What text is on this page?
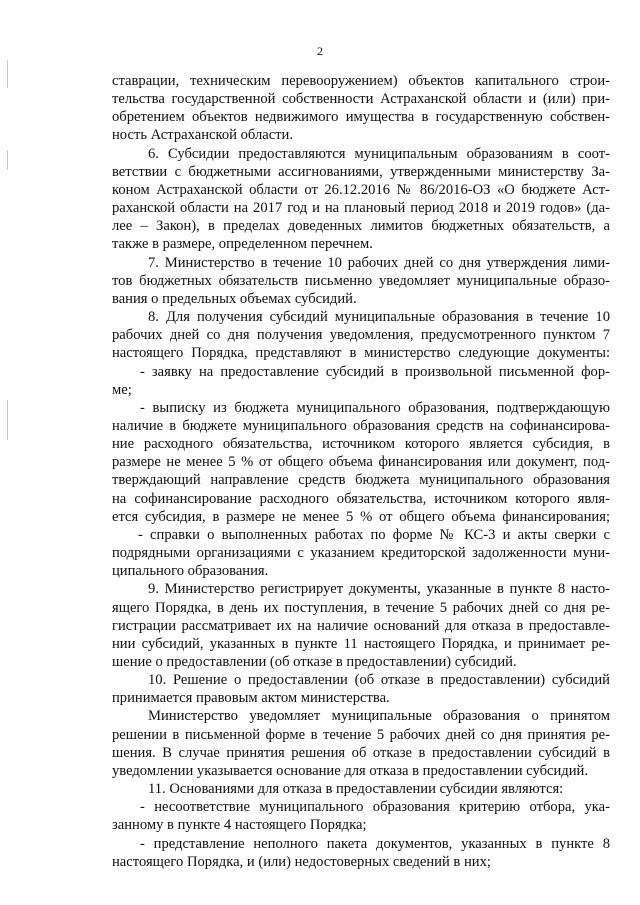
2
ставрации, техническим перевооружением) объектов капитального строи-
тельства государственной собственности Астраханской области и (или) при-
обретением объектов недвижимого имущества в государственную собствен-
ность Астраханской области.
6. Субсидии предоставляются муниципальным образованиям в соот-
ветствии с бюджетными ассигнованиями, утвержденными министерству За-
коном Астраханской области от 26.12.2016 № 86/2016-ОЗ «О бюджете Аст-
раханской области на 2017 год и на плановый период 2018 и 2019 годов» (да-
лее – Закон), в пределах доведенных лимитов бюджетных обязательств, а
также в размере, определенном перечнем.
7. Министерство в течение 10 рабочих дней со дня утверждения лими-
тов бюджетных обязательств письменно уведомляет муниципальные образо-
вания о предельных объемах субсидий.
8. Для получения субсидий муниципальные образования в течение 10
рабочих дней со дня получения уведомления, предусмотренного пунктом 7
настоящего Порядка, представляют в министерство следующие документы:
- заявку на предоставление субсидий в произвольной письменной фор-
ме;
- выписку из бюджета муниципального образования, подтверждающую
наличие в бюджете муниципального образования средств на софинансирова-
ние расходного обязательства, источником которого является субсидия, в
размере не менее 5 % от общего объема финансирования или документ, под-
тверждающий направление средств бюджета муниципального образования
на софинансирование расходного обязательства, источником которого явля-
ется субсидия, в размере не менее 5 % от общего объема финансирования;
- справки о выполненных работах по форме № КС-3 и акты сверки с
подрядными организациями с указанием кредиторской задолженности муни-
ципального образования.
9. Министерство регистрирует документы, указанные в пункте 8 насто-
ящего Порядка, в день их поступления, в течение 5 рабочих дней со дня ре-
гистрации рассматривает их на наличие оснований для отказа в предоставле-
нии субсидий, указанных в пункте 11 настоящего Порядка, и принимает ре-
шение о предоставлении (об отказе в предоставлении) субсидий.
10. Решение о предоставлении (об отказе в предоставлении) субсидий
принимается правовым актом министерства.
Министерство уведомляет муниципальные образования о принятом
решении в письменной форме в течение 5 рабочих дней со дня принятия ре-
шения. В случае принятия решения об отказе в предоставлении субсидий в
уведомлении указывается основание для отказа в предоставлении субсидий.
11. Основаниями для отказа в предоставлении субсидии являются:
- несоответствие муниципального образования критерию отбора, ука-
занному в пункте 4 настоящего Порядка;
- представление неполного пакета документов, указанных в пункте 8
настоящего Порядка, и (или) недостоверных сведений в них;
